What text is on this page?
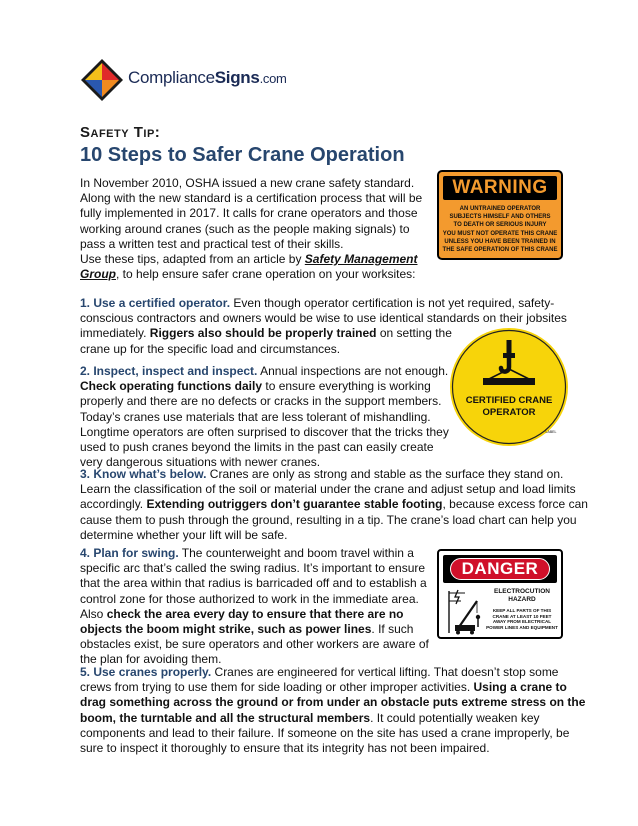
ComplianceSigns.com
Safety Tip:
10 Steps to Safer Crane Operation
In November 2010, OSHA issued a new crane safety standard.
Along with the new standard is a certification process that will be
fully implemented in 2017. It calls for crane operators and those
working around cranes (such as the people making signals) to
pass a written test and practical test of their skills.
Use these tips, adapted from an article by Safety Management
Group, to help ensure safer crane operation on your worksites:
1. Use a certified operator. Even though operator certification is not yet required, safety-
conscious contractors and owners would be wise to use identical standards on their jobsites
immediately. Riggers also should be properly trained on setting the
crane up for the specific load and circumstances.
2. Inspect, inspect and inspect. Annual inspections are not enough.
Check operating functions daily to ensure everything is working
properly and there are no defects or cracks in the support members.
Today’s cranes use materials that are less tolerant of mishandling.
Longtime operators are often surprised to discover that the tricks they
used to push cranes beyond the limits in the past can easily create
very dangerous situations with newer cranes.
3. Know what’s below. Cranes are only as strong and stable as the surface they stand on.
Learn the classification of the soil or material under the crane and adjust setup and load limits
accordingly. Extending outriggers don’t guarantee stable footing, because excess force can
cause them to push through the ground, resulting in a tip. The crane’s load chart can help you
determine whether your lift will be safe.
4. Plan for swing. The counterweight and boom travel within a
specific arc that’s called the swing radius. It’s important to ensure
that the area within that radius is barricaded off and to establish a
control zone for those authorized to work in the immediate area.
Also check the area every day to ensure that there are no
objects the boom might strike, such as power lines. If such
obstacles exist, be sure operators and other workers are aware of
the plan for avoiding them.
5. Use cranes properly. Cranes are engineered for vertical lifting. That doesn’t stop some
crews from trying to use them for side loading or other improper activities. Using a crane to
drag something across the ground or from under an obstacle puts extreme stress on the
boom, the turntable and all the structural members. It could potentially weaken key
components and lead to their failure. If someone on the site has used a crane improperly, be
sure to inspect it thoroughly to ensure that its integrity has not been impaired.
WARNING
AN UNTRAINED OPERATOR
SUBJECTS HIMSELF AND OTHERS
TO DEATH OR SERIOUS INJURY
YOU MUST NOT OPERATE THIS CRANE
UNLESS YOU HAVE BEEN TRAINED IN
THE SAFE OPERATION OF THIS CRANE
CERTIFIED CRANE
OPERATOR
LABEL
DANGER
ELECTROCUTION
HAZARD
KEEP ALL PARTS OF THIS
CRANE AT LEAST 10 FEET
AWAY FROM ELECTRICAL
POWER LINES AND EQUIPMENT
